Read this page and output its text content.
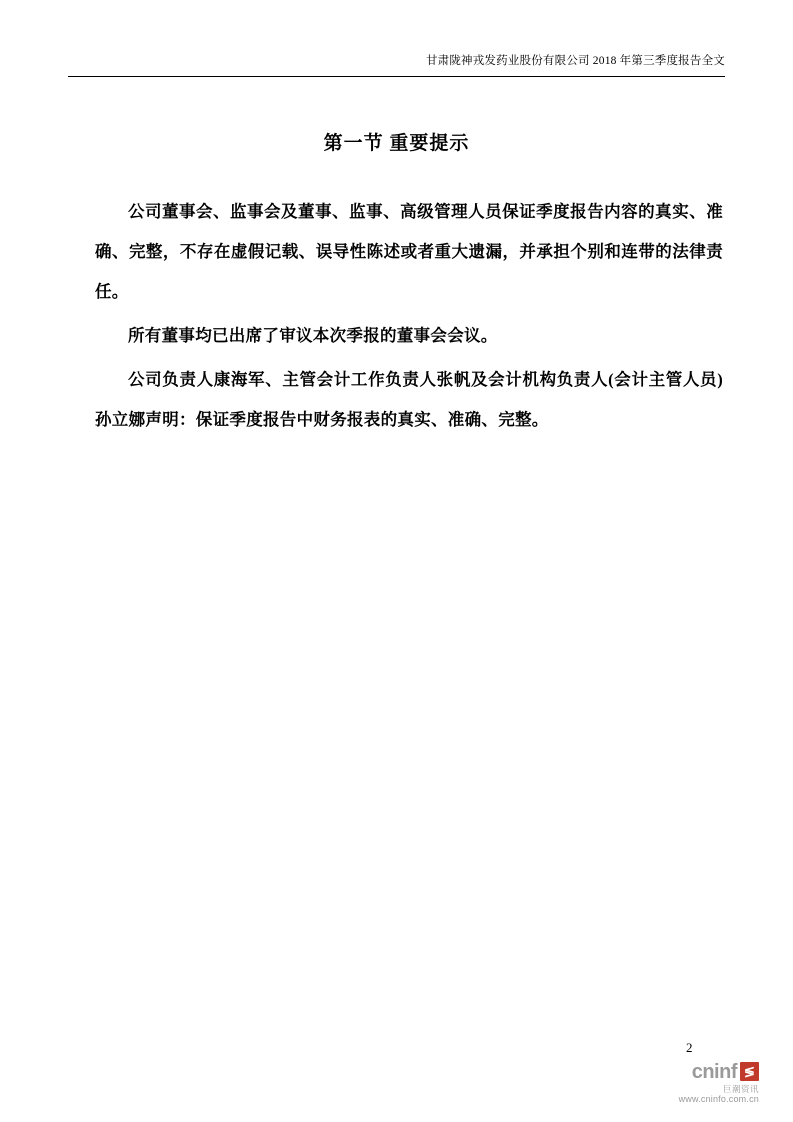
甘肃陇神戎发药业股份有限公司 2018 年第三季度报告全文
第一节 重要提示

公司董事会、监事会及董事、监事、高级管理人员保证季度报告内容的真实、准确、完整，不存在虚假记载、误导性陈述或者重大遗漏，并承担个别和连带的法律责任。

所有董事均已出席了审议本次季报的董事会会议。

公司负责人康海军、主管会计工作负责人张帆及会计机构负责人(会计主管人员)孙立娜声明：保证季度报告中财务报表的真实、准确、完整。

2
cninf ≶
巨潮资讯
www.cninfo.com.cn
